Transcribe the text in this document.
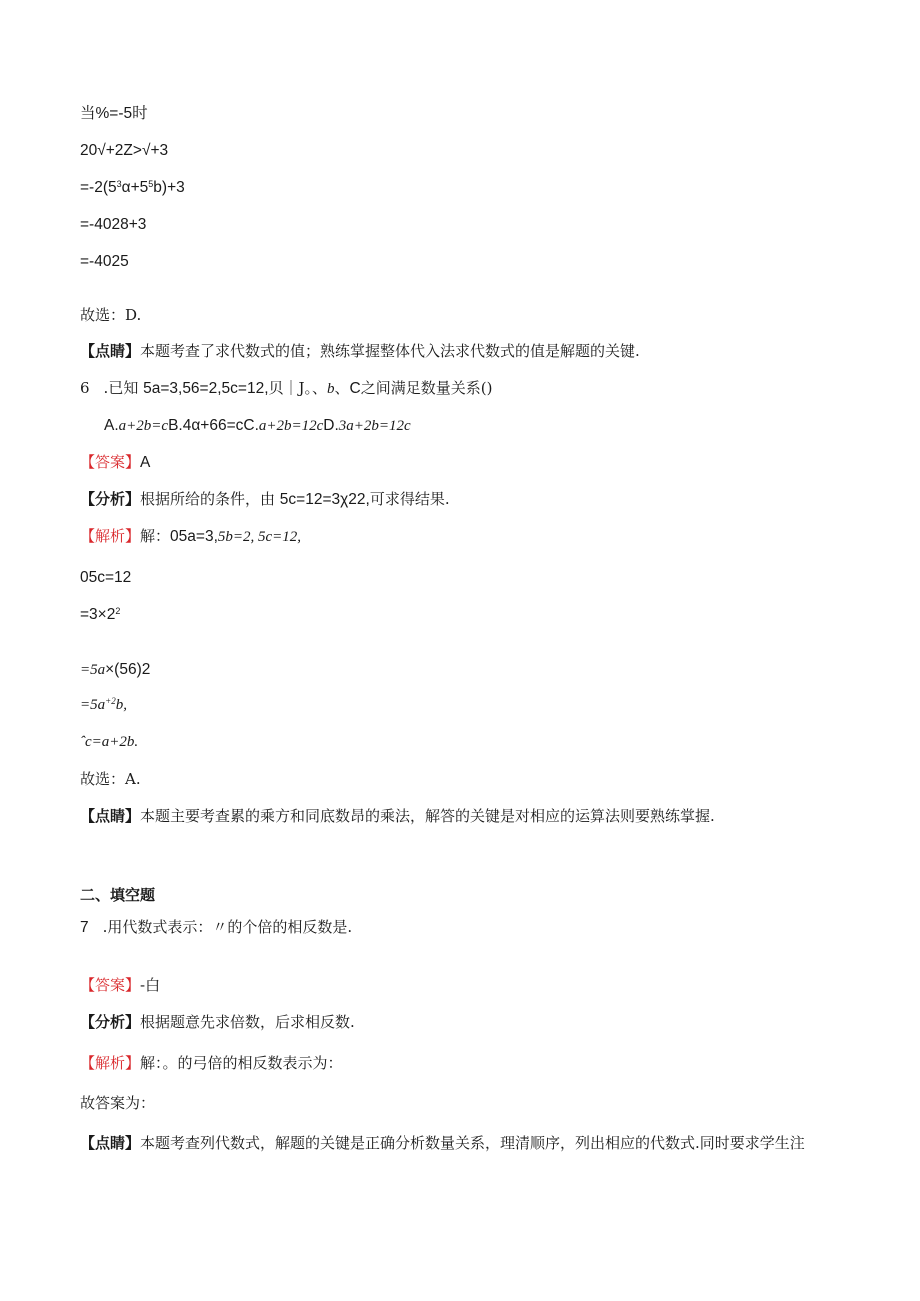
当%=-5时

20√+2Z>√+3

$=-2(5^3\alpha+5^5b)+3$

=-4028+3

=-4025

故选：D.

【点睛】本题考查了求代数式的值；熟练掌握整体代入法求代数式的值是解题的关键.

6 .已知 5a=3,56=2,5c=12,贝｜J。、b、C之间满足数量关系()

A.a+2b=cB.4α+66=cC.a+2b=12cD.3a+2b=12c

【答案】A

【分析】根据所给的条件，由 5c=12=3χ22,可求得结果.

【解析】解：05a=3,5b=2, 5c=12,

05c=12

$=3\times 2^2$

=5a×(56)2

$=5a^{+2}b$,

ˆc=a+2b.

故选：A.

【点睛】本题主要考查累的乘方和同底数昂的乘法，解答的关键是对相应的运算法则要熟练掌握.

二、填空题

7 .用代数式表示：〃的个倍的相反数是.

【答案】-白

【分析】根据题意先求倍数，后求相反数.

【解析】解：。的弓倍的相反数表示为：

故答案为：

【点睛】本题考查列代数式，解题的关键是正确分析数量关系，理清顺序，列出相应的代数式.同时要求学生注
